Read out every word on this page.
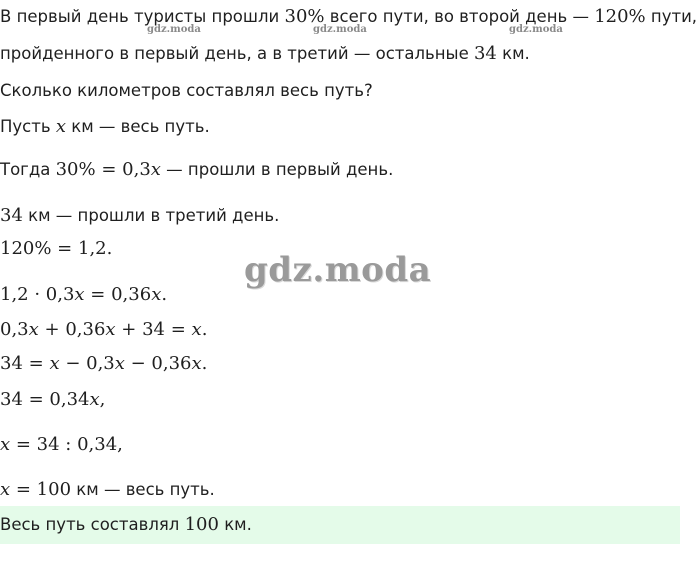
В первый день туристы прошли 30% всего пути, во второй день — 120% пути,
gdz.moda	gdz.moda	gdz.moda
пройденного в первый день, а в третий — остальные 34 км.
Сколько километров составлял весь путь?
Пусть x км — весь путь.
Тогда 30% = 0,3x — прошли в первый день.
34 км — прошли в третий день.
120% = 1,2.
gdz.moda
1,2 · 0,3x = 0,36x.
0,3x + 0,36x + 34 = x.
34 = x − 0,3x − 0,36x.
34 = 0,34x,
x = 34 : 0,34,
x = 100 км — весь путь.
Весь путь составлял 100 км.
